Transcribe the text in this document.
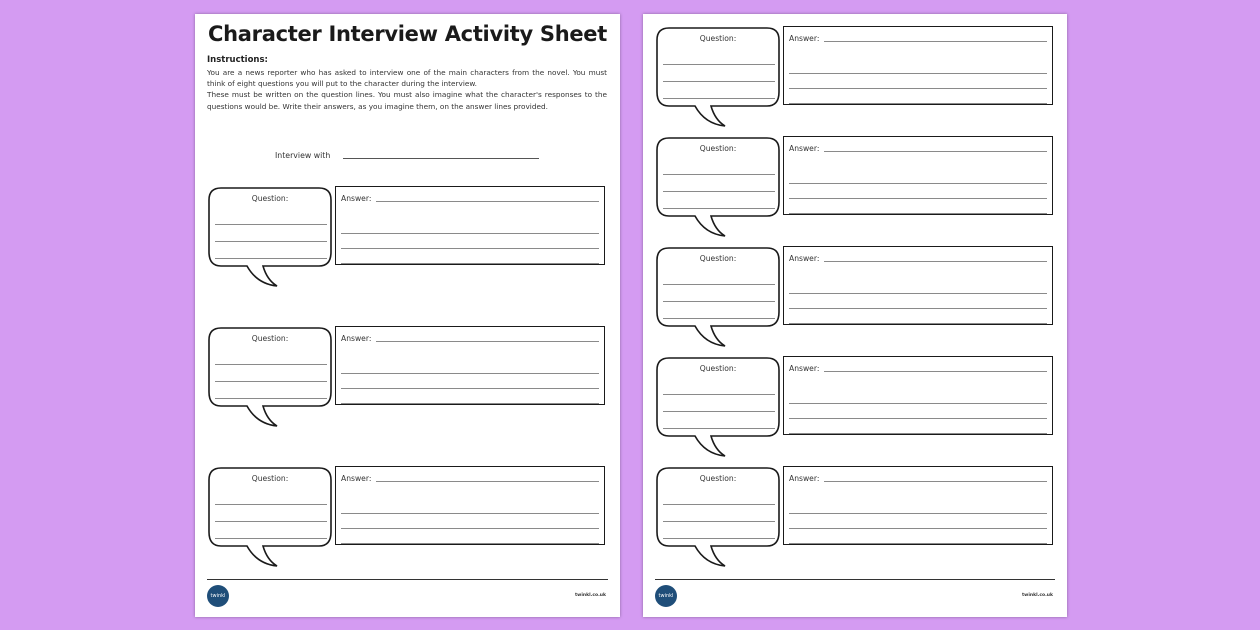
Character Interview Activity Sheet
Instructions:

You are a news reporter who has asked to interview one of the main characters from the novel. You must think of eight questions you will put to the character during the interview.

These must be written on the question lines. You must also imagine what the character's responses to the questions would be. Write their answers, as you imagine them, on the answer lines provided.

Interview with
Question:	Answer:
Question:	Answer:
Question:	Answer:
twinkl	twinkl.co.uk
Question:	Answer:
Question:	Answer:
Question:	Answer:
Question:	Answer:
Question:	Answer:
twinkl	twinkl.co.uk
